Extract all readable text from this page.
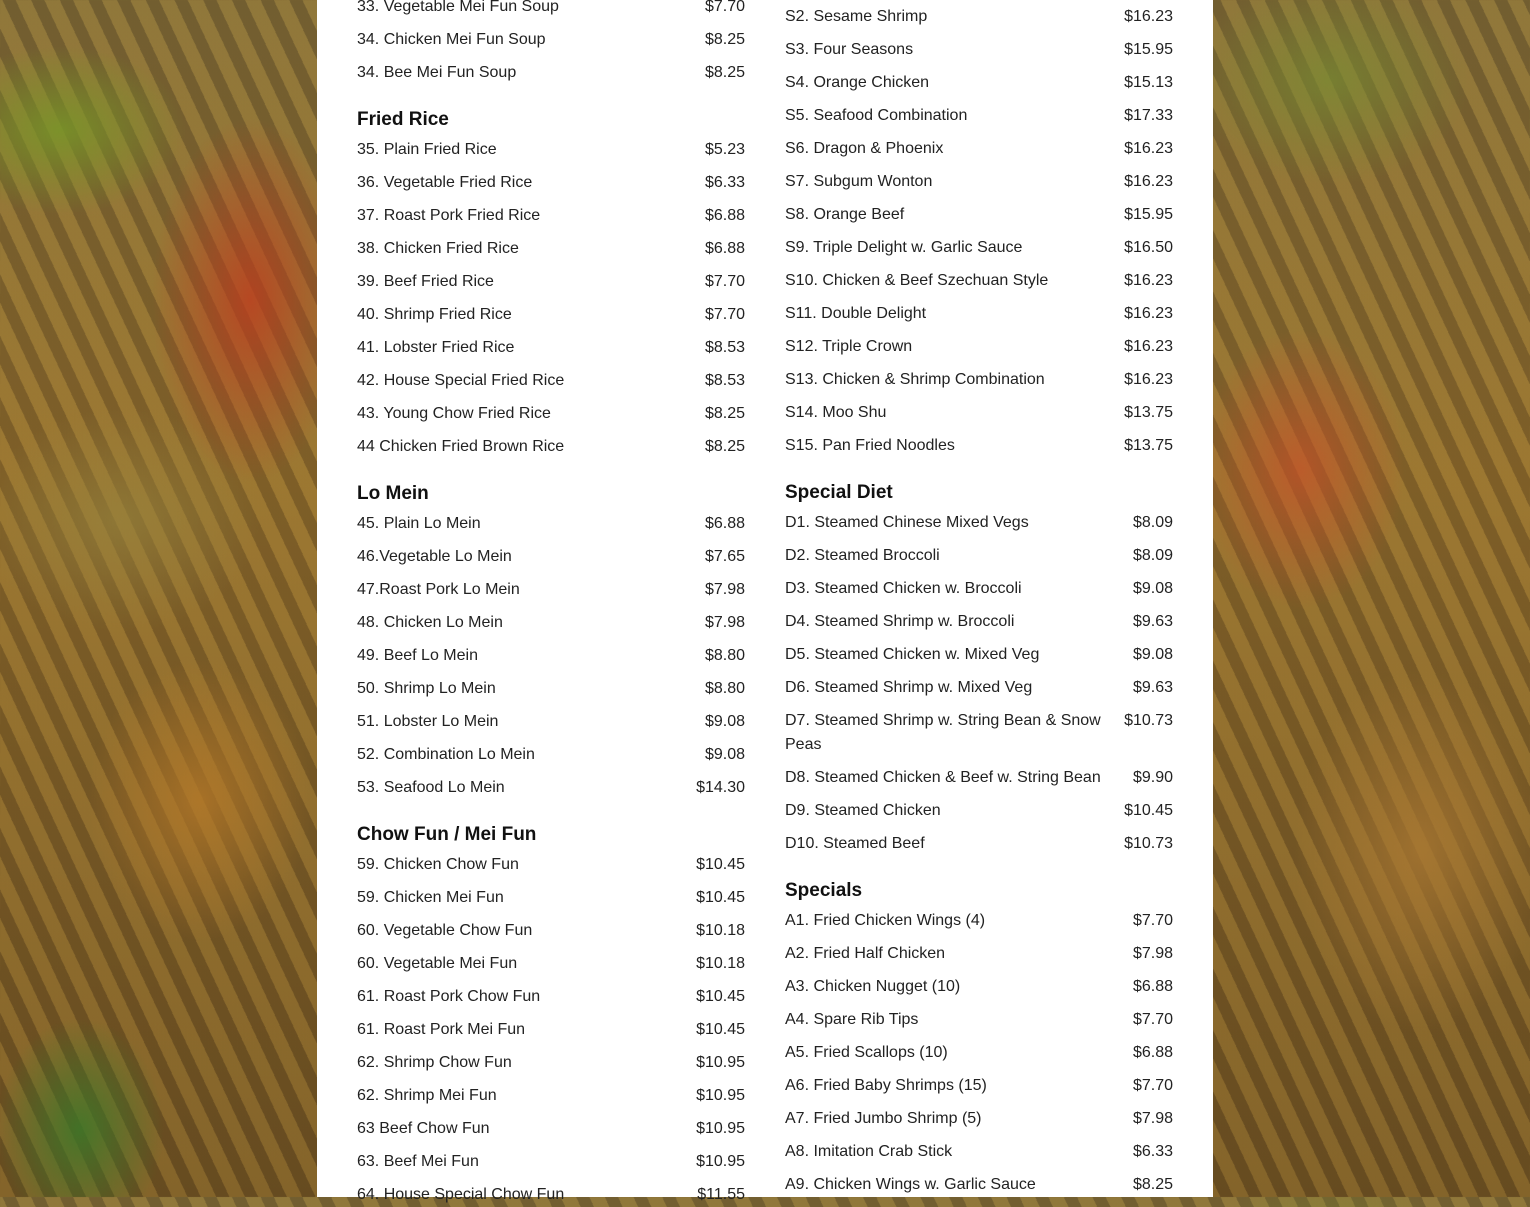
33. Vegetable Mei Fun Soup	$7.70
34. Chicken Mei Fun Soup	$8.25
34. Bee Mei Fun Soup	$8.25
Fried Rice
35. Plain Fried Rice	$5.23
36. Vegetable Fried Rice	$6.33
37. Roast Pork Fried Rice	$6.88
38. Chicken Fried Rice	$6.88
39. Beef Fried Rice	$7.70
40. Shrimp Fried Rice	$7.70
41. Lobster Fried Rice	$8.53
42. House Special Fried Rice	$8.53
43. Young Chow Fried Rice	$8.25
44 Chicken Fried Brown Rice	$8.25
Lo Mein
45. Plain Lo Mein	$6.88
46.Vegetable Lo Mein	$7.65
47.Roast Pork Lo Mein	$7.98
48. Chicken Lo Mein	$7.98
49. Beef Lo Mein	$8.80
50. Shrimp Lo Mein	$8.80
51. Lobster Lo Mein	$9.08
52. Combination Lo Mein	$9.08
53. Seafood Lo Mein	$14.30
Chow Fun / Mei Fun
59. Chicken Chow Fun	$10.45
59. Chicken Mei Fun	$10.45
60. Vegetable Chow Fun	$10.18
60. Vegetable Mei Fun	$10.18
61. Roast Pork Chow Fun	$10.45
61. Roast Pork Mei Fun	$10.45
62. Shrimp Chow Fun	$10.95
62. Shrimp Mei Fun	$10.95
63 Beef Chow Fun	$10.95
63. Beef Mei Fun	$10.95
64. House Special Chow Fun	$11.55
S2. Sesame Shrimp	$16.23
S3. Four Seasons	$15.95
S4. Orange Chicken	$15.13
S5. Seafood Combination	$17.33
S6. Dragon & Phoenix	$16.23
S7. Subgum Wonton	$16.23
S8. Orange Beef	$15.95
S9. Triple Delight w. Garlic Sauce	$16.50
S10. Chicken & Beef Szechuan Style	$16.23
S11. Double Delight	$16.23
S12. Triple Crown	$16.23
S13. Chicken & Shrimp Combination	$16.23
S14. Moo Shu	$13.75
S15. Pan Fried Noodles	$13.75
Special Diet
D1. Steamed Chinese Mixed Vegs	$8.09
D2. Steamed Broccoli	$8.09
D3. Steamed Chicken w. Broccoli	$9.08
D4. Steamed Shrimp w. Broccoli	$9.63
D5. Steamed Chicken w. Mixed Veg	$9.08
D6. Steamed Shrimp w. Mixed Veg	$9.63
D7. Steamed Shrimp w. String Bean & Snow Peas
$10.73
D8. Steamed Chicken & Beef w. String Bean	$9.90
D9. Steamed Chicken	$10.45
D10. Steamed Beef	$10.73
Specials
A1. Fried Chicken Wings (4)	$7.70
A2. Fried Half Chicken	$7.98
A3. Chicken Nugget (10)	$6.88
A4. Spare Rib Tips	$7.70
A5. Fried Scallops (10)	$6.88
A6. Fried Baby Shrimps (15)	$7.70
A7. Fried Jumbo Shrimp (5)	$7.98
A8. Imitation Crab Stick	$6.33
A9. Chicken Wings w. Garlic Sauce	$8.25
